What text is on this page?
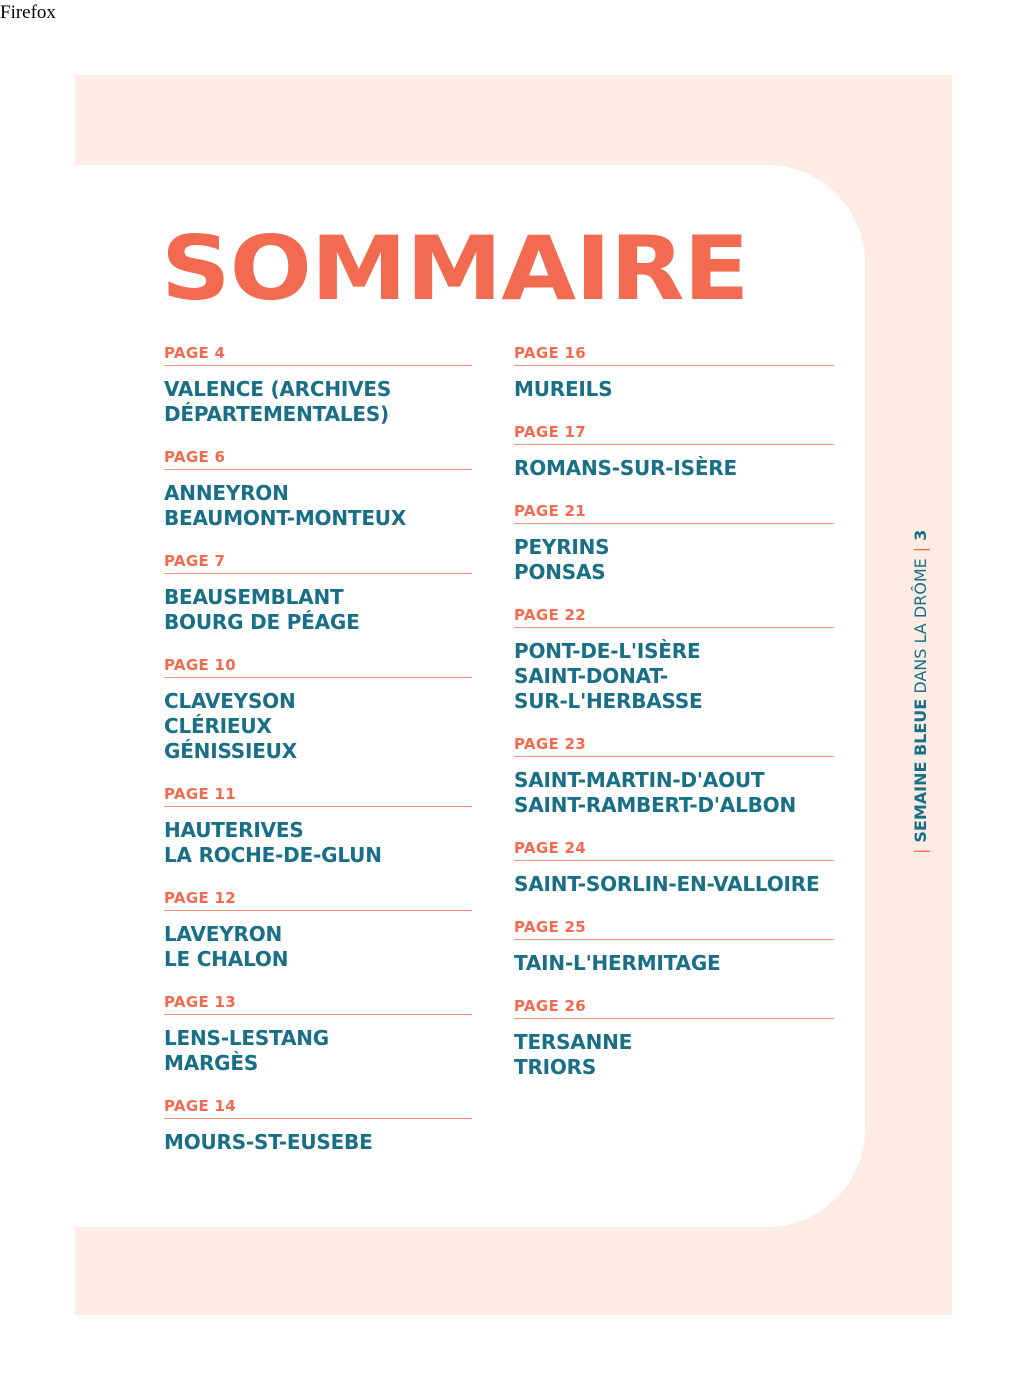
Firefox
SOMMAIRE
PAGE 4
VALENCE (ARCHIVES
DÉPARTEMENTALES)
PAGE 6
ANNEYRON
BEAUMONT-MONTEUX
PAGE 7
BEAUSEMBLANT
BOURG DE PÉAGE
PAGE 10
CLAVEYSON
CLÉRIEUX
GÉNISSIEUX
PAGE 11
HAUTERIVES
LA ROCHE-DE-GLUN
PAGE 12
LAVEYRON
LE CHALON
PAGE 13
LENS-LESTANG
MARGÈS
PAGE 14
MOURS-ST-EUSEBE
PAGE 16
MUREILS
PAGE 17
ROMANS-SUR-ISÈRE
PAGE 21
PEYRINS
PONSAS
PAGE 22
PONT-DE-L'ISÈRE
SAINT-DONAT-
SUR-L'HERBASSE
PAGE 23
SAINT-MARTIN-D'AOUT
SAINT-RAMBERT-D'ALBON
PAGE 24
SAINT-SORLIN-EN-VALLOIRE
PAGE 25
TAIN-L'HERMITAGE
PAGE 26
TERSANNE
TRIORS
|SEMAINE BLEUE DANS LA DRÔME|3
